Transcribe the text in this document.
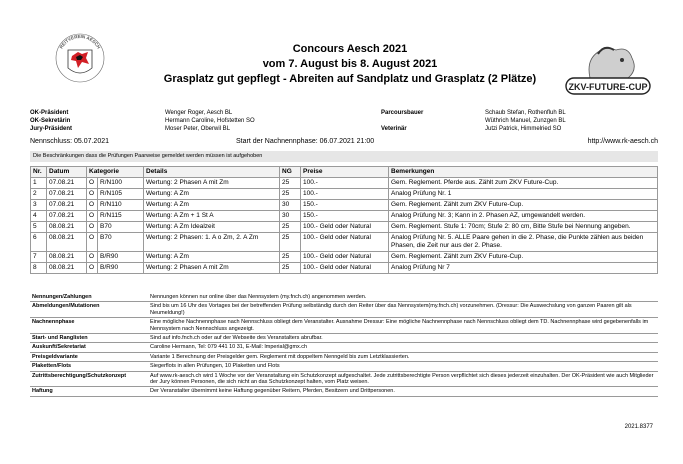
REITVEREIN AESCH
ZKV-FUTURE-CUP
Concours Aesch 2021
vom 7. August bis 8. August 2021
Grasplatz gut gepflegt - Abreiten auf Sandplatz und Grasplatz (2 Plätze)
OK-Präsident	Wenger Roger, Aesch BL	Parcoursbauer	Schaub Stefan, Rothenfluh BL
OK-Sekretärin	Hermann Caroline, Hofstetten SO	Wüthrich Manuel, Zunzgen BL
Jury-Präsident	Moser Peter, Oberwil BL	Veterinär	Jutzi Patrick, Himmelried SO
Nennschluss: 05.07.2021	Start der Nachnennphase: 06.07.2021 21:00	http://www.rk-aesch.ch
Die Beschränkungen dass die Prüfungen Paarweise gemeldet werden müssen ist aufgehoben
Nr.	Datum	Kategorie		Details	NG	Preise	Bemerkungen
1	07.08.21	O	R/N100	Wertung: 2 Phasen A mit Zm	25	100.-	Gem. Reglement. Pferde aus. Zählt zum ZKV Future-Cup.
2	07.08.21	O	R/N105	Wertung: A Zm	25	100.-	Analog Prüfung Nr. 1
3	07.08.21	O	R/N110	Wertung: A Zm	30	150.-	Gem. Reglement. Zählt zum ZKV Future-Cup.
4	07.08.21	O	R/N115	Wertung: A Zm + 1 St A	30	150.-	Analog Prüfung Nr. 3; Kann in 2. Phasen AZ, umgewandelt werden.
5	08.08.21	O	B70	Wertung: A Zm Idealzeit	25	100.- Geld oder Natural	Gem. Reglement. Stufe 1: 70cm; Stufe 2: 80 cm, Bitte Stufe bei Nennung angeben.
6	08.08.21	O	B70	Wertung: 2 Phasen: 1. A o Zm, 2. A Zm	25	100.- Geld oder Natural	Analog Prüfung Nr. 5. ALLE Paare gehen in die 2. Phase, die Punkte zählen aus beiden Phasen, die Zeit nur aus der 2. Phase.
7	08.08.21	O	B/R90	Wertung: A Zm	25	100.- Geld oder Natural	Gem. Reglement. Zählt zum ZKV Future-Cup.
8	08.08.21	O	B/R90	Wertung: 2 Phasen A mit Zm	25	100.- Geld oder Natural	Analog Prüfung Nr 7
Nennungen/Zahlungen	Nennungen können nur online über das Nennsystem (my.fnch.ch) angenommen werden.
Abmeldungen/Mutationen	Sind bis um 16 Uhr des Vortages bei der betreffenden Prüfung selbständig durch den Reiter über das Nennsystem(my.fnch.ch) vorzunehmen. (Dressur: Die Auswechslung von ganzen Paaren gilt als Neumeldung!)
Nachnennphase	Eine mögliche Nachnennphase nach Nennschluss obliegt dem Veranstalter. Ausnahme Dressur: Eine mögliche Nachnennphase nach Nennschluss obliegt dem TD. Nachnennphase wird gegebenenfalls im Nennsystem nach Nennschluss angezeigt.
Start- und Ranglisten	Sind auf info.fnch.ch oder auf der Webseite des Veranstalters abrufbar.
Auskunft/Sekretariat	Caroline Hermann, Tel: 079 441 10 31, E-Mail: lmperial@gmx.ch
Preisgeldvariante	Variante 1 Berechnung der Preisgelder gem. Reglement mit doppeltem Nenngeld bis zum Letztklassierten.
Plaketten/Flots	Siegerflots in allen Prüfungen, 10 Plaketten und Flots
Zutrittsberechtigung/Schutzkonzept	Auf www.rk-aesch.ch wird 1 Woche vor der Veranstaltung ein Schutzkonzept aufgeschaltet. Jede zutrittsberechtigte Person verpflichtet sich dieses jederzeit einzuhalten. Der OK-Präsident wie auch Mitglieder der Jury können Personen, die sich nicht an das Schutzkonzept halten, vom Platz weisen.
Haftung	Der Veranstalter übernimmt keine Haftung gegenüber Reitern, Pferden, Besitzern und Drittpersonen.
2021.8377
